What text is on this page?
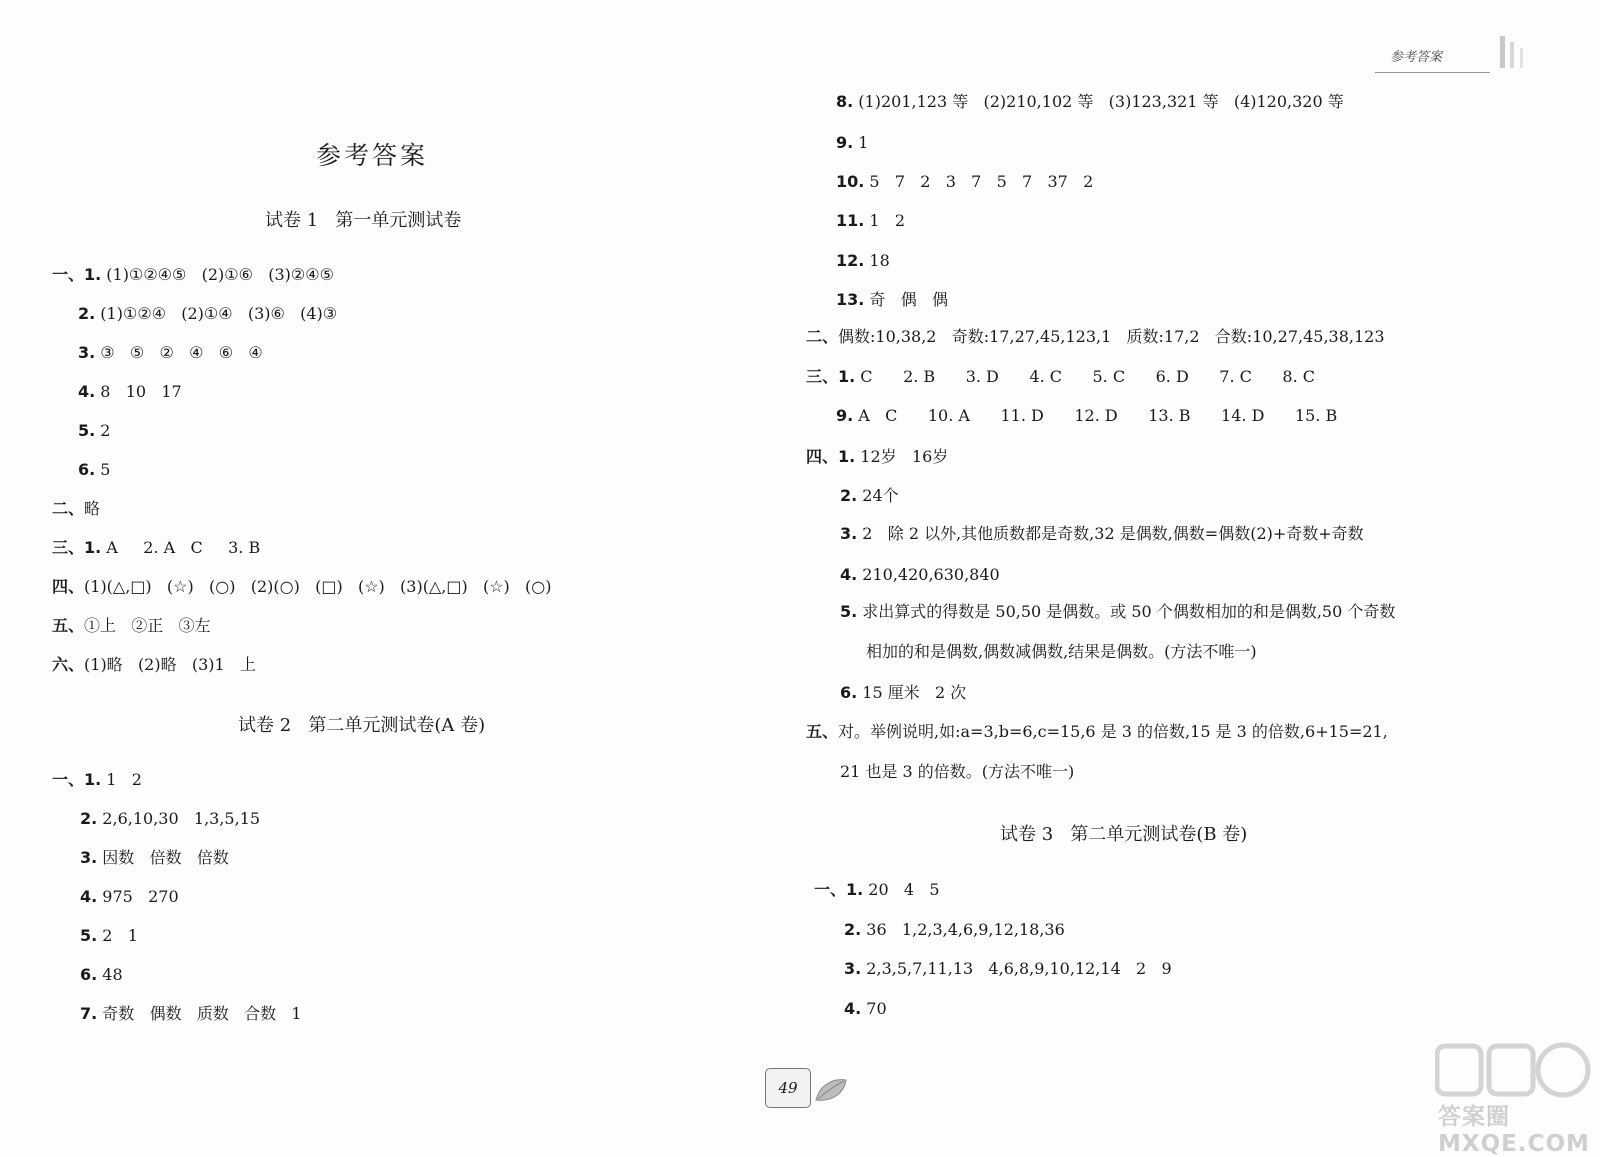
参考答案
参考答案
试卷 1   第一单元测试卷
一、1. (1)①②④⑤   (2)①⑥   (3)②④⑤
2. (1)①②④   (2)①④   (3)⑥   (4)③
3. ③   ⑤   ②   ④   ⑥   ④
4. 8   10   17
5. 2
6. 5
二、略
三、1. A     2. A   C     3. B
四、(1)(△,□)   (☆)   (○)   (2)(○)   (□)   (☆)   (3)(△,□)   (☆)   (○)
五、①上   ②正   ③左
六、(1)略   (2)略   (3)1   上
试卷 2   第二单元测试卷(A 卷)
一、1. 1   2
2. 2,6,10,30   1,3,5,15
3. 因数   倍数   倍数
4. 975   270
5. 2   1
6. 48
7. 奇数   偶数   质数   合数   1
8. (1)201,123 等   (2)210,102 等   (3)123,321 等   (4)120,320 等
9. 1
10. 5   7   2   3   7   5   7   37   2
11. 1   2
12. 18
13. 奇   偶   偶
二、偶数:10,38,2   奇数:17,27,45,123,1   质数:17,2   合数:10,27,45,38,123
三、1. C      2. B      3. D      4. C      5. C      6. D      7. C      8. C
9. A   C      10. A      11. D      12. D      13. B      14. D      15. B
四、1. 12岁   16岁
2. 24个
3. 2   除 2 以外,其他质数都是奇数,32 是偶数,偶数=偶数(2)+奇数+奇数
4. 210,420,630,840
5. 求出算式的得数是 50,50 是偶数。或 50 个偶数相加的和是偶数,50 个奇数
相加的和是偶数,偶数减偶数,结果是偶数。(方法不唯一)
6. 15 厘米   2 次
五、对。举例说明,如:a=3,b=6,c=15,6 是 3 的倍数,15 是 3 的倍数,6+15=21,
21 也是 3 的倍数。(方法不唯一)
试卷 3   第二单元测试卷(B 卷)
一、1. 20   4   5
2. 36   1,2,3,4,6,9,12,18,36
3. 2,3,5,7,11,13   4,6,8,9,10,12,14   2   9
4. 70
49
答案圈 MXQE.COM
